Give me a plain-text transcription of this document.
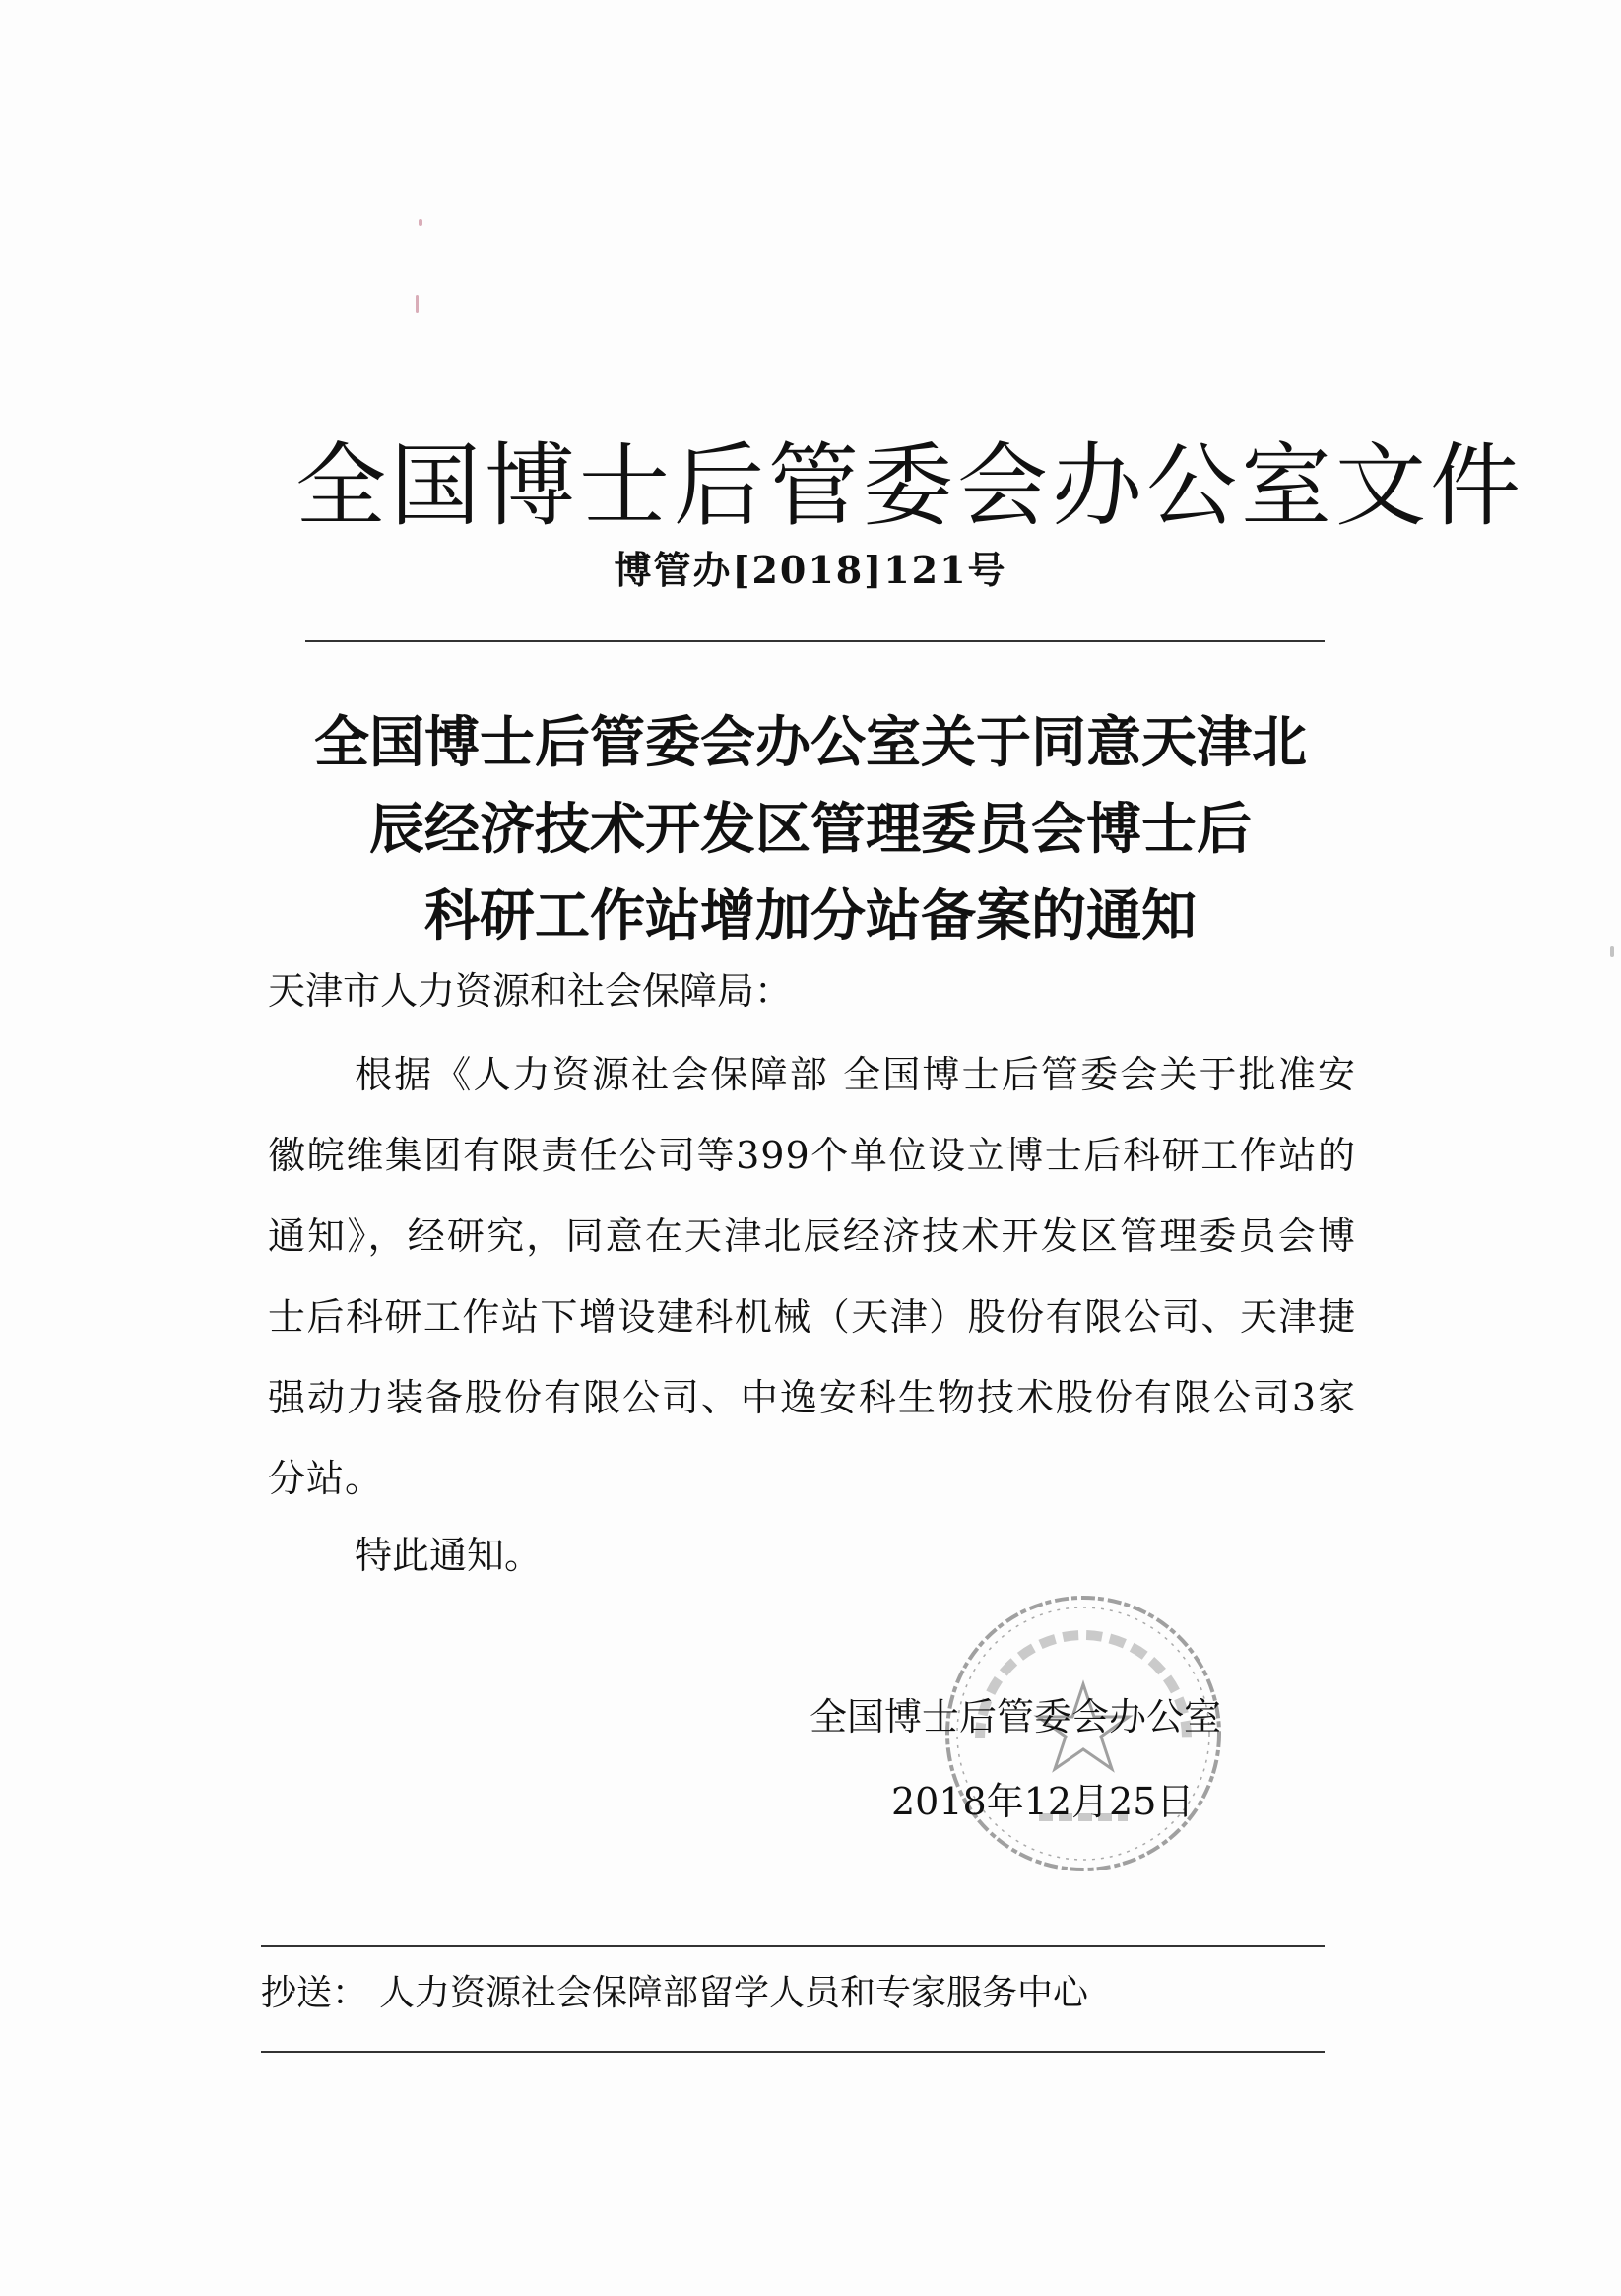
全国博士后管委会办公室文件
博管办[2018]121号
全国博士后管委会办公室关于同意天津北
辰经济技术开发区管理委员会博士后
科研工作站增加分站备案的通知
天津市人力资源和社会保障局：
根据《人力资源社会保障部 全国博士后管委会关于批准安徽皖维集团有限责任公司等399个单位设立博士后科研工作站的通知》，经研究，同意在天津北辰经济技术开发区管理委员会博士后科研工作站下增设建科机械（天津）股份有限公司、天津捷强动力装备股份有限公司、中逸安科生物技术股份有限公司3家分站。
特此通知。
全国博士后管委会办公室
2018年12月25日
抄送： 人力资源社会保障部留学人员和专家服务中心
